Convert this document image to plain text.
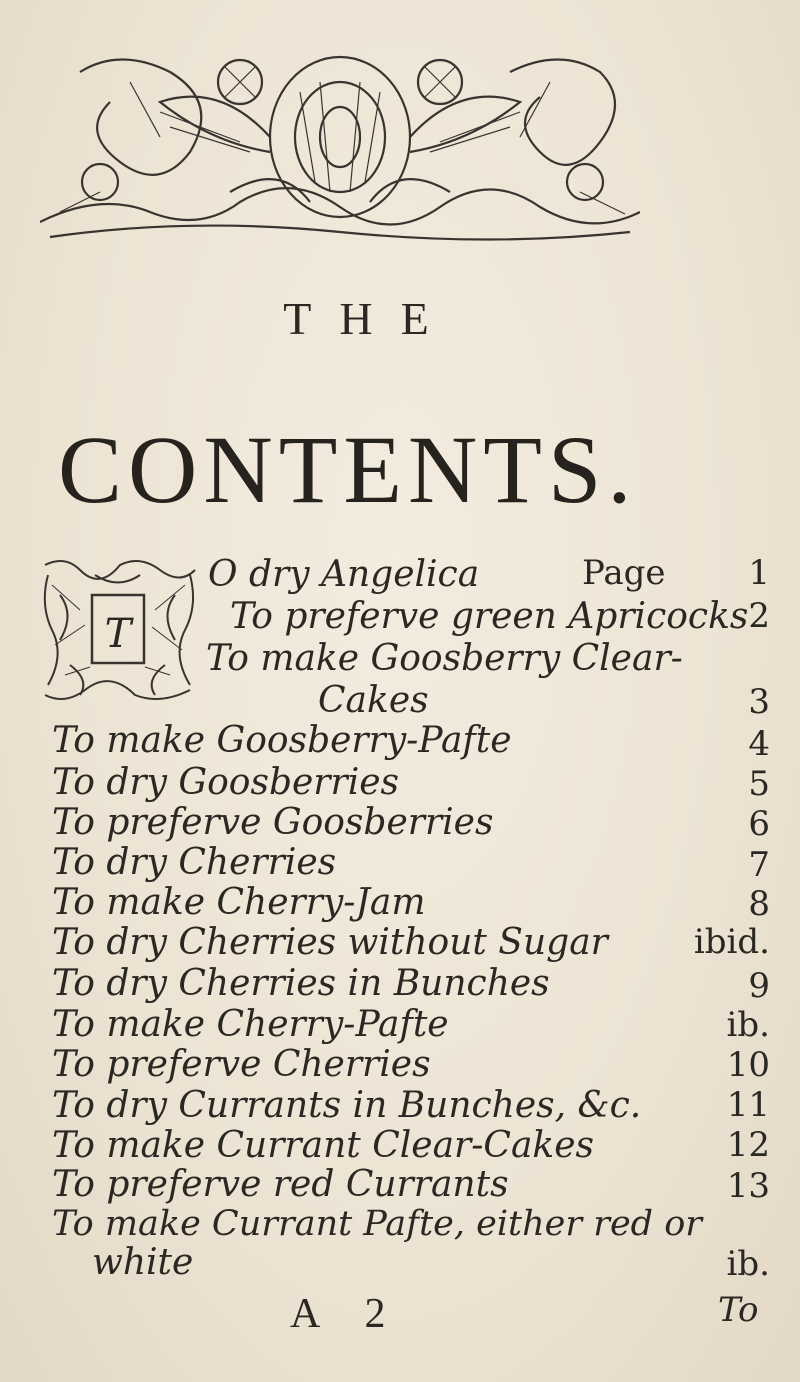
THE
CONTENTS.
T
O dry Angelica	Page 1
To preferve green Apricocks 2
To make Goosberry Clear-
Cakes	3
To make Goosberry-Pafte	4
To dry Goosberries	5
To preferve Goosberries	6
To dry Cherries	7
To make Cherry-Jam	8
To dry Cherries without Sugar	ibid.
To dry Cherries in Bunches	9
To make Cherry-Pafte	ib.
To preferve Cherries	10
To dry Currants in Bunches, &c.	11
To make Currant Clear-Cakes	12
To preferve red Currants	13
To make Currant Pafte, either red or
white	ib.
A 2	To
